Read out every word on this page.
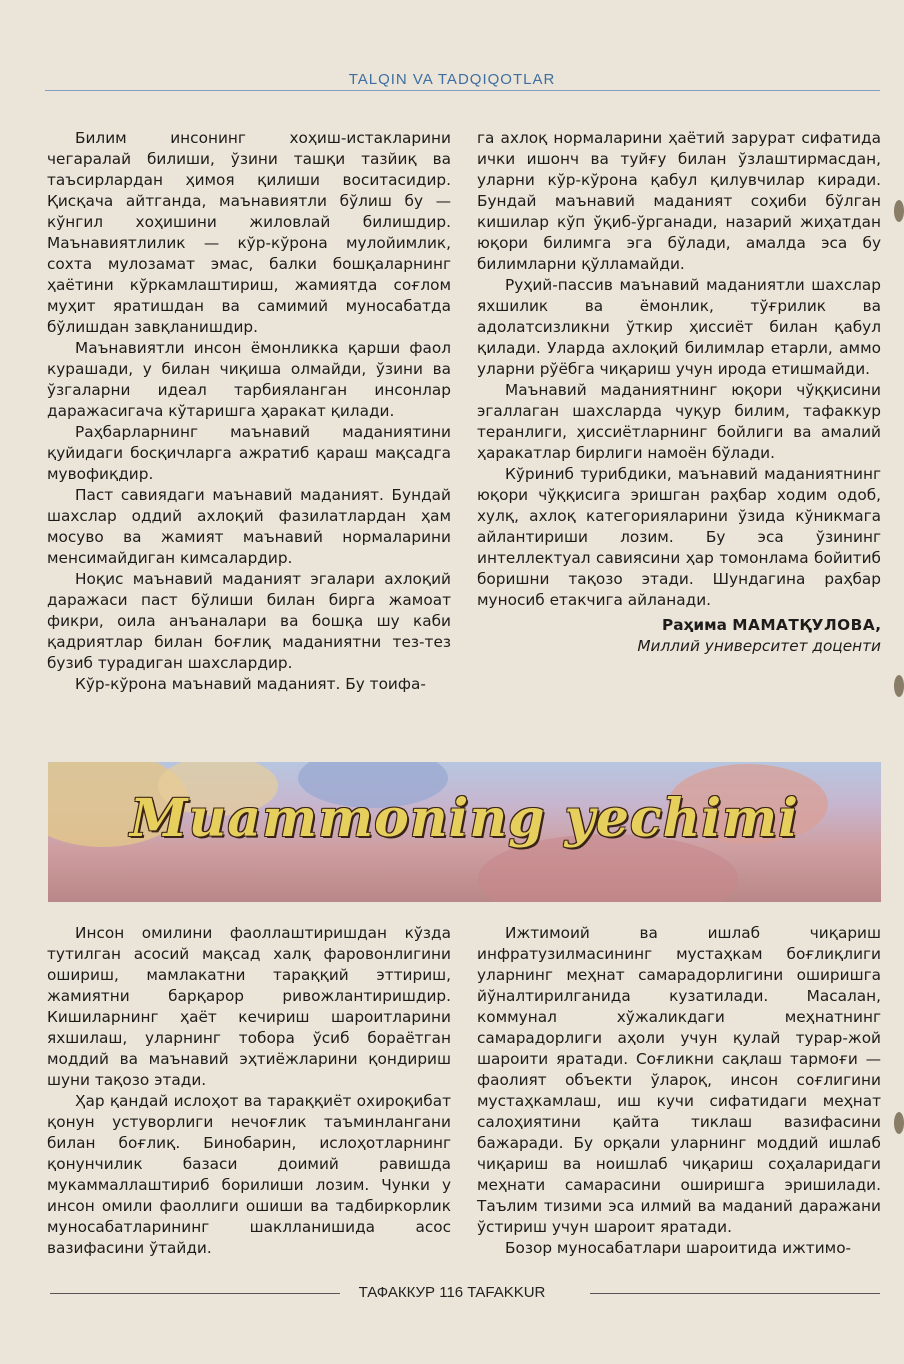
TALQIN VA TADQIQOTLAR

Билим инсонинг хоҳиш-истакларини чегаралай билиши, ўзини ташқи тазйиқ ва таъсирлардан ҳимоя қилиши воситасидир. Қисқача айтганда, маънавиятли бўлиш бу — кўнгил хоҳишини жиловлай билишдир. Маънавиятлилик — кўр-кўрона мулойимлик, сохта мулозамат эмас, балки бошқаларнинг ҳаётини кўркамлаштириш, жамиятда соғлом муҳит яратишдан ва самимий муносабатда бўлишдан завқланишдир.

Маънавиятли инсон ёмонликка қарши фаол курашади, у билан чиқиша олмайди, ўзини ва ўзгаларни идеал тарбияланган инсонлар даражасигача кўтаришга ҳаракат қилади.

Раҳбарларнинг маънавий маданиятини қуйидаги босқичларга ажратиб қараш мақсадга мувофиқдир.

Паст савиядаги маънавий маданият. Бундай шахслар оддий ахлоқий фазилатлардан ҳам мосуво ва жамият маънавий нормаларини менсимайдиган кимсалардир.

Ноқис маънавий маданият эгалари ахлоқий даражаси паст бўлиши билан бирга жамоат фикри, оила анъаналари ва бошқа шу каби қадриятлар билан боғлиқ маданиятни тез-тез бузиб турадиган шахслардир.

Кўр-кўрона маънавий маданият. Бу тоифа-

га ахлоқ нормаларини ҳаётий зарурат сифатида ички ишонч ва туйғу билан ўзлаштирмасдан, уларни кўр-кўрона қабул қилувчилар киради. Бундай маънавий маданият соҳиби бўлган кишилар кўп ўқиб-ўрганади, назарий жиҳатдан юқори билимга эга бўлади, амалда эса бу билимларни қўлламайди.

Руҳий-пассив маънавий маданиятли шахслар яхшилик ва ёмонлик, тўғрилик ва адолатсизликни ўткир ҳиссиёт билан қабул қилади. Уларда ахлоқий билимлар етарли, аммо уларни рўёбга чиқариш учун ирода етишмайди.

Маънавий маданиятнинг юқори чўққисини эгаллаган шахсларда чуқур билим, тафаккур теранлиги, ҳиссиётларнинг бойлиги ва амалий ҳаракатлар бирлиги намоён бўлади.

Кўриниб турибдики, маънавий маданиятнинг юқори чўққисига эришган раҳбар ходим одоб, хулқ, ахлоқ категорияларини ўзида кўникмага айлантириши лозим. Бу эса ўзининг интеллектуал савиясини ҳар томонлама бойитиб боришни тақозо этади. Шундагина раҳбар муносиб етакчига айланади.

Раҳима МАМАТҚУЛОВА,
Миллий университет доценти
Muammoning yechimi

Инсон омилини фаоллаштиришдан кўзда тутилган асосий мақсад халқ фаровонлигини ошириш, мамлакатни тараққий эттириш, жамиятни барқарор ривожлантиришдир. Кишиларнинг ҳаёт кечириш шароитларини яхшилаш, уларнинг тобора ўсиб бораётган моддий ва маънавий эҳтиёжларини қондириш шуни тақозо этади.

Ҳар қандай ислоҳот ва тараққиёт охироқибат қонун устуворлиги нечоғлик таъминлангани билан боғлиқ. Бинобарин, ислоҳотларнинг қонунчилик базаси доимий равишда мукаммаллаштириб борилиши лозим. Чунки у инсон омили фаоллиги ошиши ва тадбиркорлик муносабатларининг шаклланишида асос вазифасини ўтайди.

Ижтимоий ва ишлаб чиқариш инфратузилмасининг мустаҳкам боғлиқлиги уларнинг меҳнат самарадорлигини оширишга йўналтирилганида кузатилади. Масалан, коммунал хўжаликдаги меҳнатнинг самарадорлиги аҳоли учун қулай турар-жой шароити яратади. Соғликни сақлаш тармоғи — фаолият объекти ўлароқ, инсон соғлигини мустаҳкамлаш, иш кучи сифатидаги меҳнат салоҳиятини қайта тиклаш вазифасини бажаради. Бу орқали уларнинг моддий ишлаб чиқариш ва ноишлаб чиқариш соҳаларидаги меҳнати самарасини оширишга эришилади. Таълим тизими эса илмий ва маданий даражани ўстириш учун шароит яратади.

Бозор муносабатлари шароитида ижтимо-

ТАФАККУР 116 TAFAKKUR
